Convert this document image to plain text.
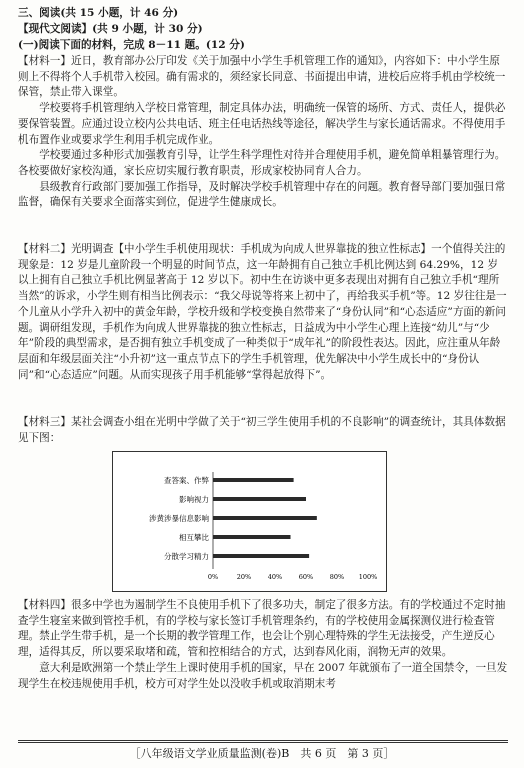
三、阅读(共 15 小题，计 46 分)
【现代文阅读】(共 9 小题，计 30 分)
(一)阅读下面的材料，完成 8－11 题。(12 分)

【材料一】近日，教育部办公厅印发《关于加强中小学生手机管理工作的通知》，内容如下：中小学生原则上不得将个人手机带入校园。确有需求的，须经家长同意、书面提出申请，进校后应将手机由学校统一保管，禁止带入课堂。

学校要将手机管理纳入学校日常管理，制定具体办法，明确统一保管的场所、方式、责任人，提供必要保管装置。应通过设立校内公共电话、班主任电话热线等途径，解决学生与家长通话需求。不得使用手机布置作业或要求学生利用手机完成作业。

学校要通过多种形式加强教育引导，让学生科学理性对待并合理使用手机，避免简单粗暴管理行为。各校要做好家校沟通，家长应切实履行教育职责，形成家校协同育人合力。

县级教育行政部门要加强工作指导，及时解决学校手机管理中存在的问题。教育督导部门要加强日常监督，确保有关要求全面落实到位，促进学生健康成长。

【材料二】光明调查【中小学生手机使用现状：手机成为向成人世界靠拢的独立性标志】一个值得关注的现象是：12 岁是儿童阶段一个明显的时间节点，这一年龄拥有自己独立手机比例达到 64.29%，12 岁以上拥有自己独立手机比例显著高于 12 岁以下。初中生在访谈中更多表现出对拥有自己独立手机“理所当然”的诉求，小学生则有相当比例表示：“我父母说等将来上初中了，再给我买手机”等。12 岁往往是一个儿童从小学升入初中的黄金年龄，学校升级和学校变换自然带来了“身份认同”和“心态适应”方面的新问题。调研组发现，手机作为向成人世界靠拢的独立性标志，日益成为中小学生心理上连接“幼儿”与“少年”阶段的典型需求，是否拥有独立手机变成了一种类似于“成年礼”的阶段性表达。因此，应注重从年龄层面和年级层面关注“小升初”这一重点节点下的学生手机管理，优先解决中小学生成长中的“身份认同”和“心态适应”问题。从而实现孩子用手机能够“掌得起放得下”。

【材料三】某社会调查小组在光明中学做了关于“初三学生使用手机的不良影响”的调查统计，其具体数据见下图：

查答案、作弊
影响视力
涉黄涉暴信息影响
相互攀比
分散学习精力
0%	20%	40%	60%	80% 100%

【材料四】很多中学也为遏制学生不良使用手机下了很多功夫，制定了很多方法。有的学校通过不定时抽查学生寝室来做到管控手机，有的学校与家长签订手机管理条约，有的学校使用金属探测仪进行检查管理。禁止学生带手机，是一个长期的教学管理工作，也会让个别心理特殊的学生无法接受，产生逆反心理，适得其反，所以要采取堵和疏，管和控相结合的方式，达到春风化雨，润物无声的效果。

意大利是欧洲第一个禁止学生上课时使用手机的国家，早在 2007 年就颁布了一道全国禁令，一旦发现学生在校违规使用手机，校方可对学生处以没收手机或取消期末考

［八年级语文学业质量监测(卷)B　共 6 页　第 3 页］
